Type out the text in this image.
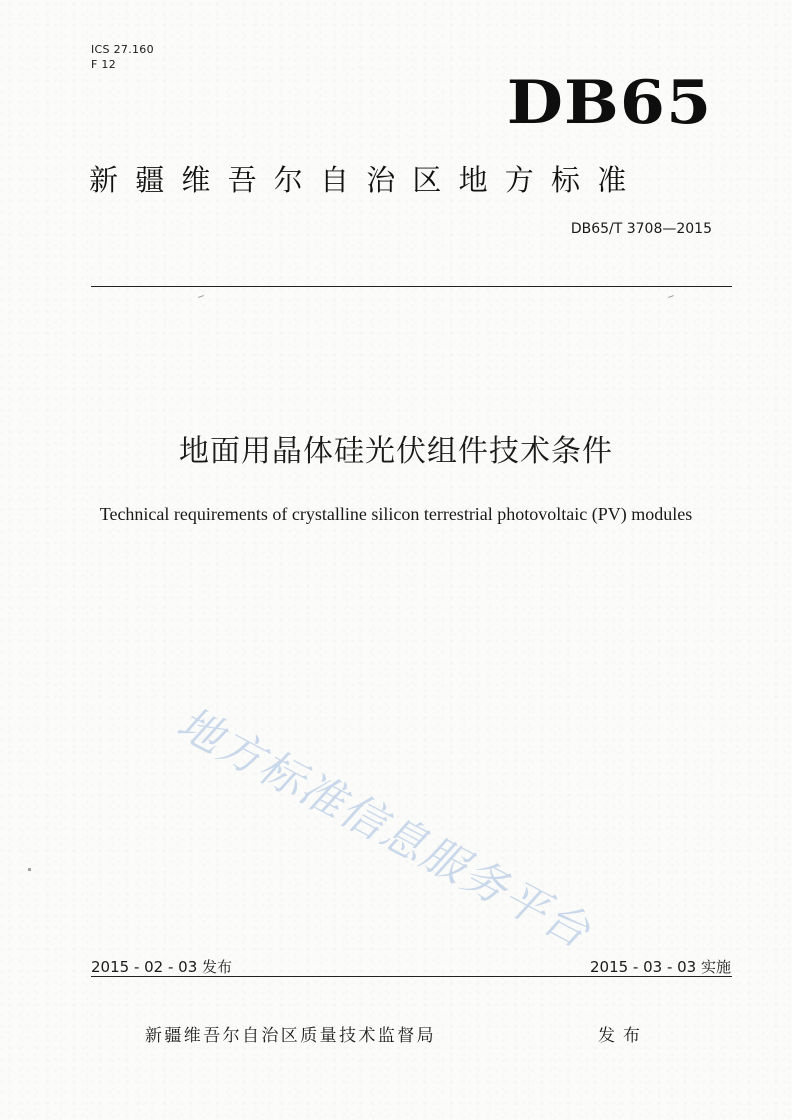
ICS 27.160
F 12
DB65
新疆维吾尔自治区地方标准
DB65/T 3708—2015
地面用晶体硅光伏组件技术条件
Technical requirements of crystalline silicon terrestrial photovoltaic (PV) modules
地方标准信息服务平台
2015 - 02 - 03 发布	2015 - 03 - 03 实施
新疆维吾尔自治区质量技术监督局	发布
